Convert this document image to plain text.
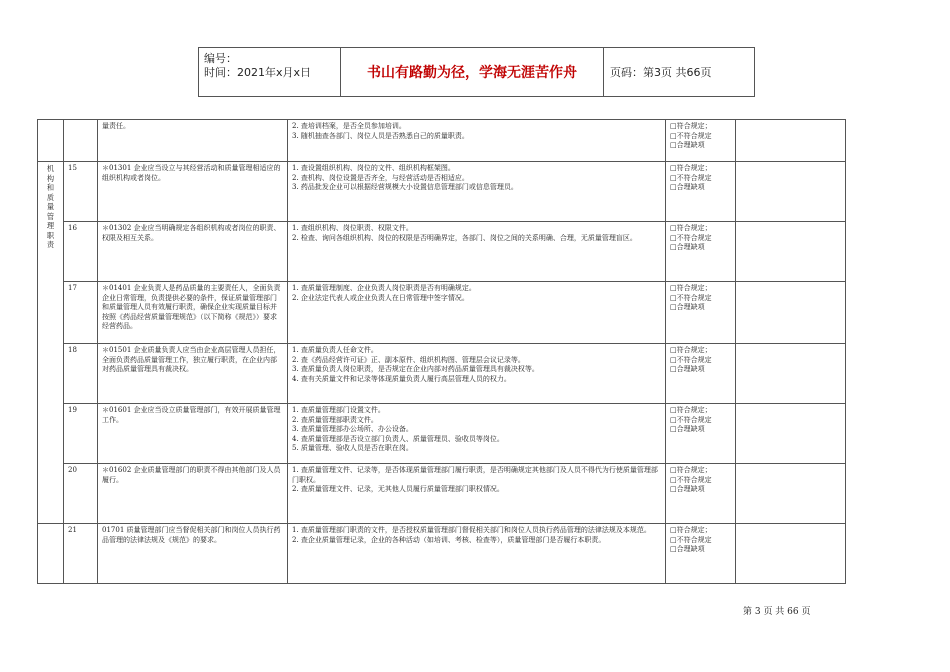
编号：
时间：2021年x月x日	书山有路勤为径，学海无涯苦作舟	页码：第3页 共66页
		量责任。	2. 查培训档案，是否全员参加培训。
3. 随机抽查各部门、岗位人员是否熟悉自己的质量职责。	□符合规定；
□不符合规定
□合理缺项	

机构和质量管理职责	15	＊01301 企业应当设立与其经营活动和质量管理相适应的组织机构或者岗位。	1. 查设置组织机构、岗位的文件、组织机构框架图。
2. 查机构、岗位设置是否齐全，与经营活动是否相适应。
3. 药品批发企业可以根据经营规模大小设置信息管理部门或信息管理员。	□符合规定；
□不符合规定
□合理缺项	

	16	＊01302 企业应当明确规定各组织机构或者岗位的职责、权限及相互关系。	1. 查组织机构、岗位职责、权限文件。
2. 检查、询问各组织机构、岗位的权限是否明确界定，各部门、岗位之间的关系明确、合理，无质量管理盲区。	□符合规定；
□不符合规定
□合理缺项	

	17	＊01401 企业负责人是药品质量的主要责任人，全面负责企业日常管理，负责提供必要的条件，保证质量管理部门和质量管理人员有效履行职责，确保企业实现质量目标并按照《药品经营质量管理规范》（以下简称《规范》）要求经营药品。	1. 查质量管理制度、企业负责人岗位职责是否有明确规定。
2. 企业法定代表人或企业负责人在日常管理中签字情况。	□符合规定；
□不符合规定
□合理缺项	

	18	＊01501 企业质量负责人应当由企业高层管理人员担任，全面负责药品质量管理工作，独立履行职责，在企业内部对药品质量管理具有裁决权。	1. 查质量负责人任命文件。
2. 查《药品经营许可证》正、副本原件、组织机构图、管理层会议记录等。
3. 查质量负责人岗位职责，是否规定在企业内部对药品质量管理具有裁决权等。
4. 查有关质量文件和记录等体现质量负责人履行高层管理人员的权力。	□符合规定；
□不符合规定
□合理缺项	

	19	＊01601 企业应当设立质量管理部门，有效开展质量管理工作。	1. 查质量管理部门设置文件。
2. 查质量管理部职责文件。
3. 查质量管理部办公场所、办公设备。
4. 查质量管理部是否设立部门负责人、质量管理员、验收员等岗位。
5. 质量管理、验收人员是否在职在岗。	□符合规定；
□不符合规定
□合理缺项	

	20	＊01602 企业质量管理部门的职责不得由其他部门及人员履行。	1. 查质量管理文件、记录等，是否体现质量管理部门履行职责，是否明确规定其他部门及人员不得代为行使质量管理部门职权。
2. 查质量管理文件、记录，无其他人员履行质量管理部门职权情况。	□符合规定；
□不符合规定
□合理缺项	

	21	01701 质量管理部门应当督促相关部门和岗位人员执行药品管理的法律法规及《规范》的要求。	1. 查质量管理部门职责的文件，是否授权质量管理部门督促相关部门和岗位人员执行药品管理的法律法规及本规范。
2. 查企业质量管理记录，企业的各种活动（如培训、考核、检查等），质量管理部门是否履行本职责。	□符合规定；
□不符合规定
□合理缺项	

第 3 页 共 66 页
